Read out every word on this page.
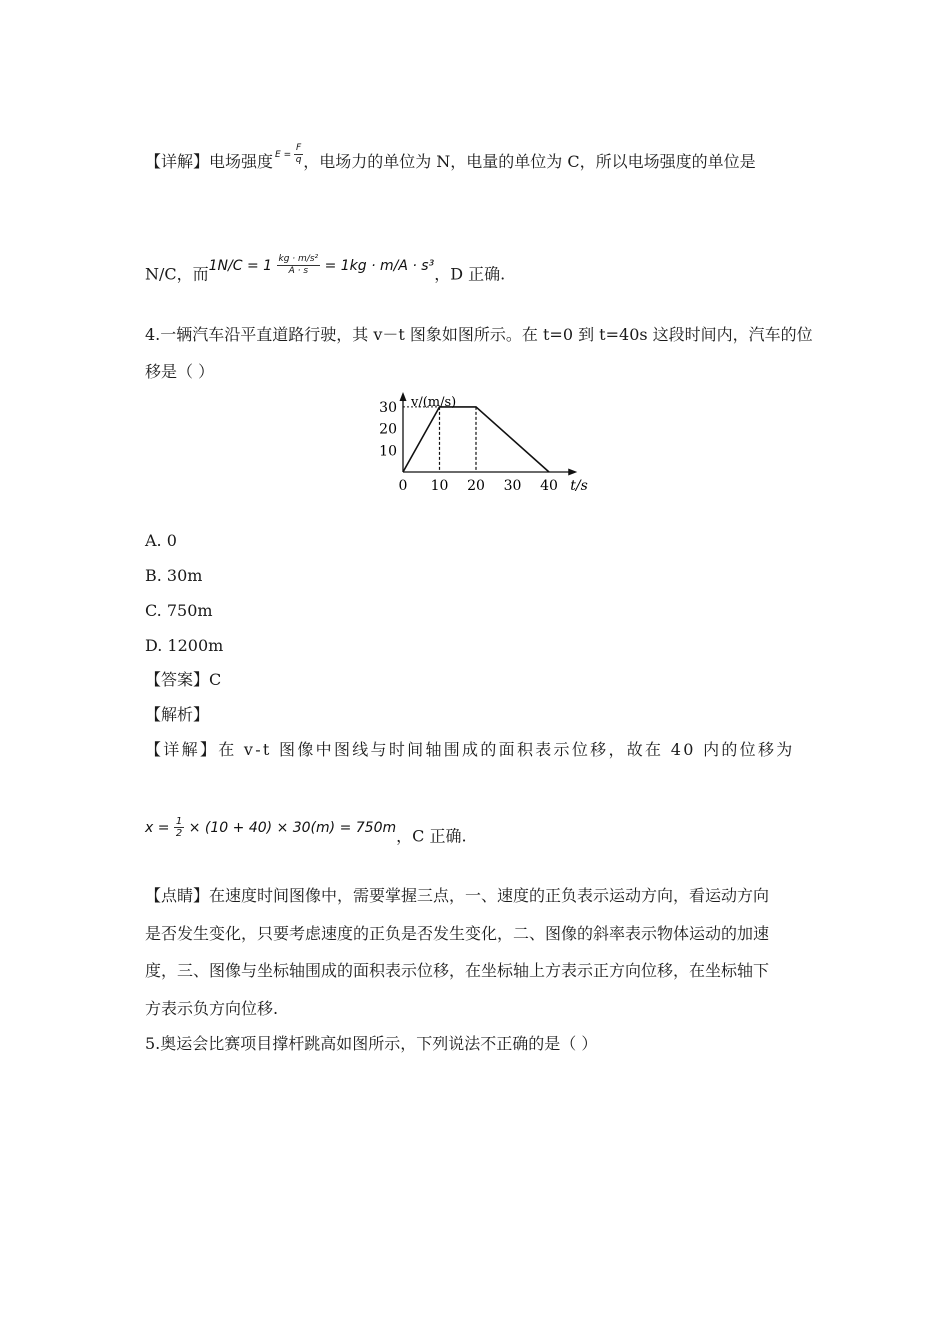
【详解】电场强度 $^{E = \frac{F}{q}}$ ，电场力的单位为 N，电量的单位为 C，所以电场强度的单位是
N/C，而$1N/C = 1 \frac{\text{kg · m/s²}}{A \cdot s} = 1kg \cdot m/A \cdot s^3$，D 正确.
4.一辆汽车沿平直道路行驶，其 v－t 图象如图所示。在 t=0 到 t=40s 这段时间内，汽车的位
移是（ ）
10
20
30
0 10 20 30 40
v/(m/s)
t/s
A. 0
B. 30m
C. 750m
D. 1200m
【答案】C
【解析】
【详解】在 v-t 图像中图线与时间轴围成的面积表示位移，故在 40 内的位移为
$x = \frac{1}{2} \times (10 + 40) \times 30(m) = 750m$，C 正确.
【点睛】在速度时间图像中，需要掌握三点，一、速度的正负表示运动方向，看运动方向
是否发生变化，只要考虑速度的正负是否发生变化，二、图像的斜率表示物体运动的加速
度，三、图像与坐标轴围成的面积表示位移，在坐标轴上方表示正方向位移，在坐标轴下
方表示负方向位移.
5.奥运会比赛项目撑杆跳高如图所示，下列说法不正确的是（ ）
